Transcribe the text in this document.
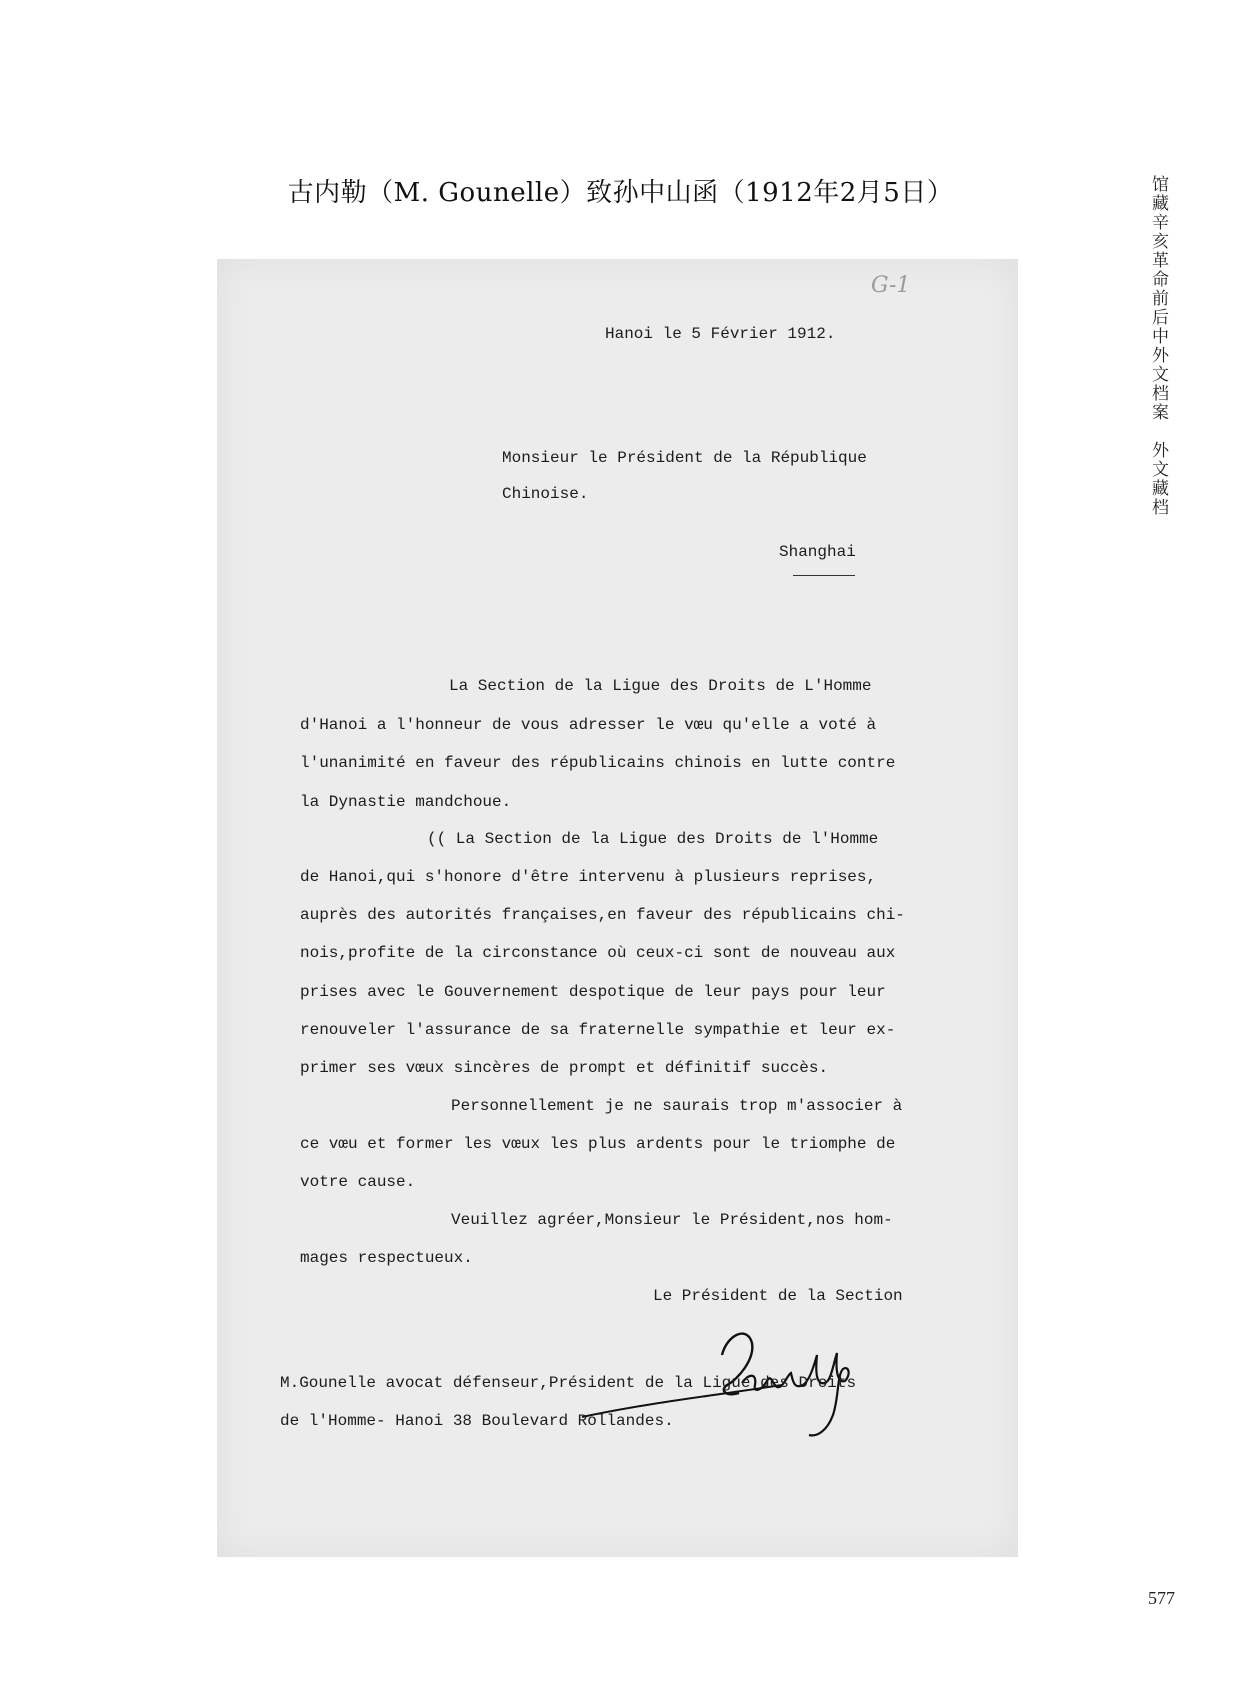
古内勒（M. Gounelle）致孙中山函（1912年2月5日）	馆藏辛亥革命前后中外文档案　外文藏档
G-1
Hanoi le 5 Février 1912.
Monsieur le Président de la République
Chinoise.
Shanghai
La Section de la Ligue des Droits de L'Homme
d'Hanoi a l'honneur de vous adresser le vœu qu'elle a voté à
l'unanimité en faveur des républicains chinois en lutte contre
la Dynastie mandchoue.
(( La Section de la Ligue des Droits de l'Homme
de Hanoi,qui s'honore d'être intervenu à plusieurs reprises,
auprès des autorités françaises,en faveur des républicains chi-
nois,profite de la circonstance où ceux-ci sont de nouveau aux
prises avec le Gouvernement despotique de leur pays pour leur
renouveler l'assurance de sa fraternelle sympathie et leur ex-
primer ses vœux sincères de prompt et définitif succès.
Personnellement je ne saurais trop m'associer à
ce vœu et former les vœux les plus ardents pour le triomphe de
votre cause.
Veuillez agréer,Monsieur le Président,nos hom-
mages respectueux.
Le Président de la Section
M.Gounelle avocat défenseur,Président de la Ligue des Droits
de l'Homme- Hanoi 38 Boulevard Rollandes.
577
